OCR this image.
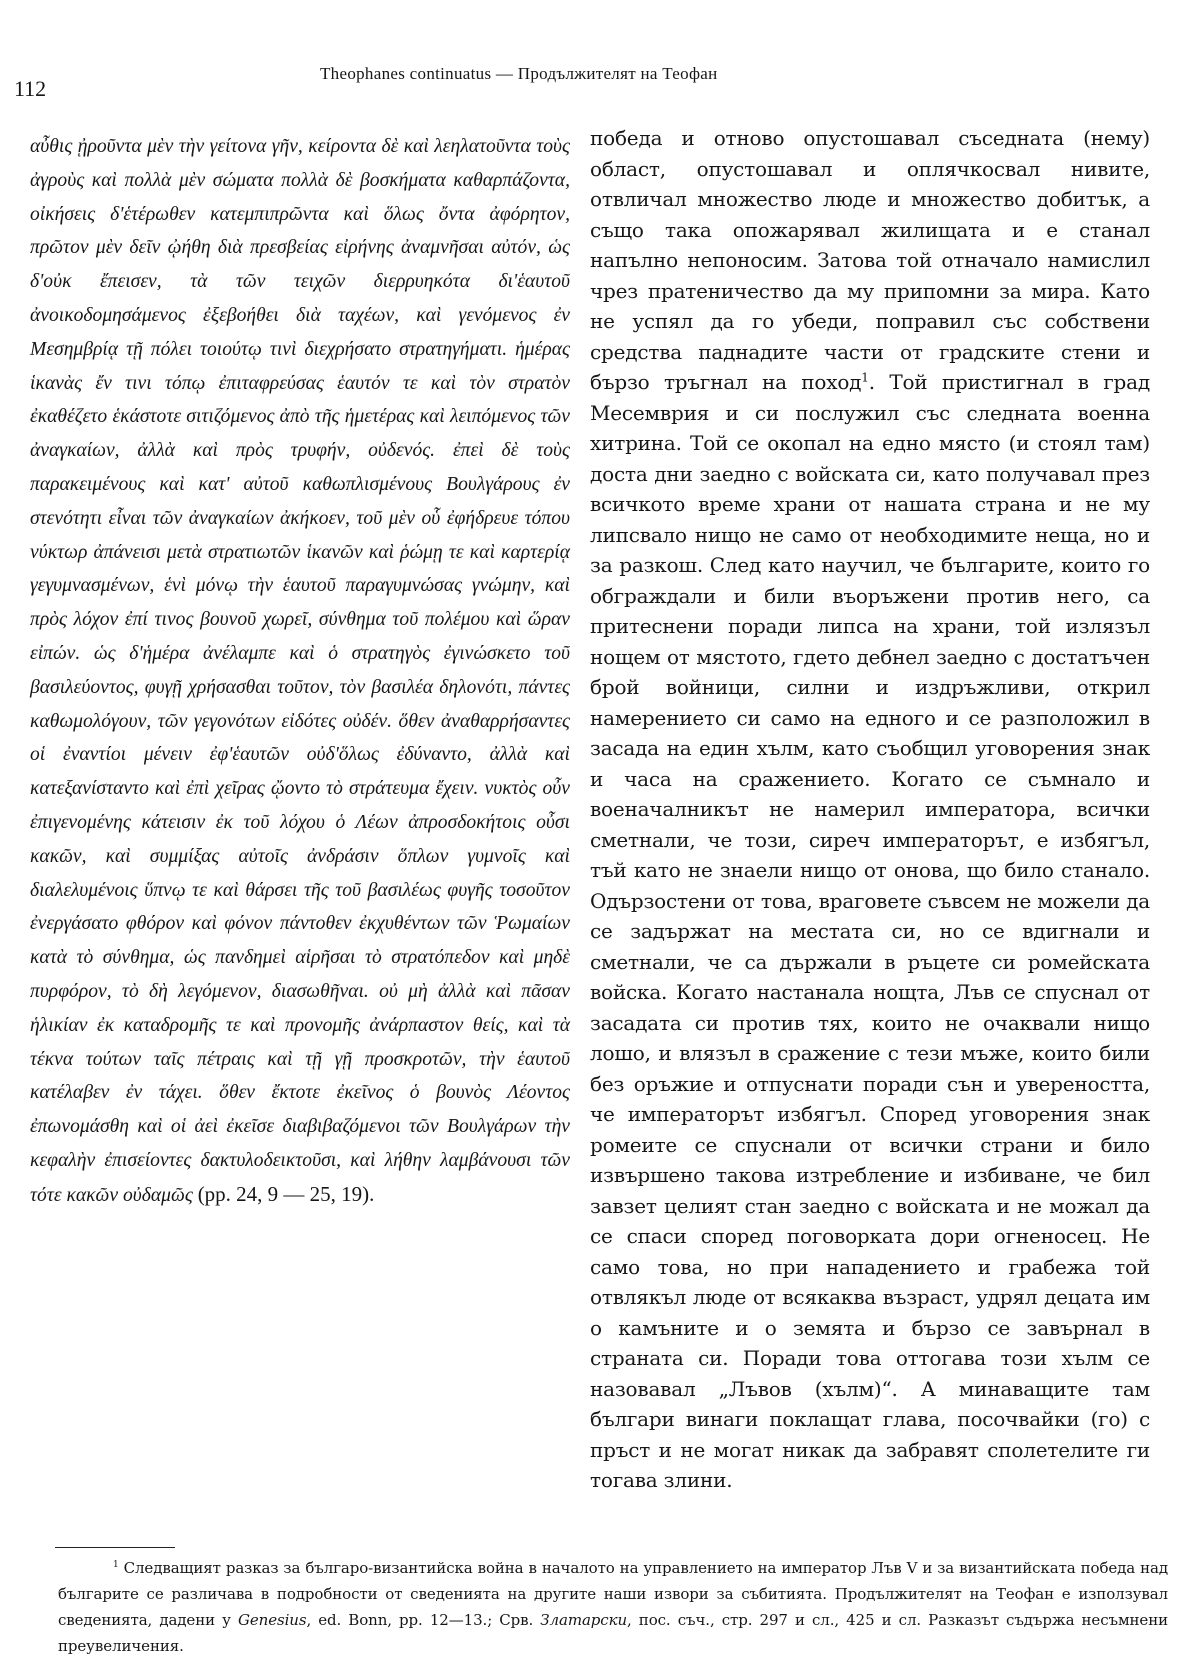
112
Theophanes continuatus — Продължителят на Теофан
αὖθις ᾐροῦντα μὲν τὴν γείτονα γῆν, κείροντα δὲ καὶ λεηλατοῦντα τοὺς ἀγροὺς καὶ πολλὰ μὲν σώματα πολλὰ δὲ βοσκήματα καθαρπάζοντα, οἰκήσεις δ'ἑτέρωθεν κατεμπιπρῶντα καὶ ὅλως ὄντα ἀφόρητον, πρῶτον μὲν δεῖν ᾠήθη διὰ πρεσβείας εἰρήνης ἀναμνῆσαι αὐτόν, ὡς δ'οὐκ ἔπεισεν, τὰ τῶν τειχῶν διερρυηκότα δι'ἑαυτοῦ ἀνοικοδομησάμενος ἐξεβοήθει διὰ ταχέων, καὶ γενόμενος ἐν Μεσημβρίᾳ τῇ πόλει τοιούτῳ τινὶ διεχρήσατο στρατηγήματι. ἡμέρας ἱκανὰς ἔν τινι τόπῳ ἐπιταφρεύσας ἑαυτόν τε καὶ τὸν στρατὸν ἐκαθέζετο ἑκάστοτε σιτιζόμενος ἀπὸ τῆς ἡμετέρας καὶ λειπόμενος τῶν ἀναγκαίων, ἀλλὰ καὶ πρὸς τρυφήν, οὐδενός. ἐπεὶ δὲ τοὺς παρακειμένους καὶ κατ' αὐτοῦ καθωπλισμένους Βουλγάρους ἐν στενότητι εἶναι τῶν ἀναγκαίων ἀκήκοεν, τοῦ μὲν οὗ ἐφήδρευε τόπου νύκτωρ ἀπάνεισι μετὰ στρατιωτῶν ἱκανῶν καὶ ῥώμῃ τε καὶ καρτερίᾳ γεγυμνασμένων, ἑνὶ μόνῳ τὴν ἑαυτοῦ παραγυμνώσας γνώμην, καὶ πρὸς λόχον ἐπί τινος βουνοῦ χωρεῖ, σύνθημα τοῦ πολέμου καὶ ὥραν εἰπών. ὡς δ'ἡμέρα ἀνέλαμπε καὶ ὁ στρατηγὸς ἐγινώσκετο τοῦ βασιλεύοντος, φυγῇ χρήσασθαι τοῦτον, τὸν βασιλέα δηλονότι, πάντες καθωμολόγουν, τῶν γεγονότων εἰδότες οὐδέν. ὅθεν ἀναθαρρήσαντες οἱ ἐναντίοι μένειν ἐφ'ἑαυτῶν οὐδ'ὅλως ἐδύναντο, ἀλλὰ καὶ κατεξανίσταντο καὶ ἐπὶ χεῖρας ᾤοντο τὸ στράτευμα ἔχειν. νυκτὸς οὖν ἐπιγενομένης κάτεισιν ἐκ τοῦ λόχου ὁ Λέων ἀπροσδοκήτοις οὖσι κακῶν, καὶ συμμίξας αὐτοῖς ἀνδράσιν ὅπλων γυμνοῖς καὶ διαλελυμένοις ὕπνῳ τε καὶ θάρσει τῆς τοῦ βασιλέως φυγῆς τοσοῦτον ἐνεργάσατο φθόρον καὶ φόνον πάντοθεν ἐκχυθέντων τῶν Ῥωμαίων κατὰ τὸ σύνθημα, ὡς πανδημεὶ αἱρῆσαι τὸ στρατόπεδον καὶ μηδὲ πυρφόρον, τὸ δὴ λεγόμενον, διασωθῆναι. οὐ μὴ ἀλλὰ καὶ πᾶσαν ἡλικίαν ἐκ καταδρομῆς τε καὶ προνομῆς ἀνάρπαστον θείς, καὶ τὰ τέκνα τούτων ταῖς πέτραις καὶ τῇ γῇ προσκροτῶν, τὴν ἑαυτοῦ κατέλαβεν ἐν τάχει. ὅθεν ἔκτοτε ἐκεῖνος ὁ βουνὸς Λέοντος ἐπωνομάσθη καὶ οἱ ἀεὶ ἐκεῖσε διαβιβαζόμενοι τῶν Βουλγάρων τὴν κεφαλὴν ἐπισείοντες δακτυλοδεικτοῦσι, καὶ λήθην λαμβάνουσι τῶν τότε κακῶν οὐδαμῶς (pp. 24, 9 — 25, 19).
победа и отново опустошавал съседната (нему) област, опустошавал и оплячкосвал нивите, отвличал множество люде и множество добитък, а също така опожарявал жилищата и е станал напълно непоносим. Затова той отначало намислил чрез пратеничество да му припомни за мира. Като не успял да го убеди, поправил със собствени средства паднадите части от градските стени и бързо тръгнал на поход$^1$. Той пристигнал в град Месемврия и си послужил със следната военна хитрина. Той се окопал на едно място (и стоял там) доста дни заедно с войската си, като получавал през всичкото време храни от нашата страна и не му липсвало нищо не само от необходимите неща, но и за разкош. След като научил, че българите, които го обграждали и били въоръжени против него, са притеснени поради липса на храни, той излязъл нощем от мястото, гдето дебнел заедно с достатъчен брой войници, силни и издръжливи, открил намерението си само на едного и се разположил в засада на един хълм, като съобщил уговорения знак и часа на сражението. Когато се съмнало и военачалникът не намерил императора, всички сметнали, че този, сиреч императорът, е избягъл, тъй като не знаели нищо от онова, що било станало. Одързостени от това, враговете съвсем не можели да се задържат на местата си, но се вдигнали и сметнали, че са държали в ръцете си ромейската войска. Когато настанала нощта, Лъв се спуснал от засадата си против тях, които не очаквали нищо лошо, и влязъл в сражение с тези мъже, които били без оръжие и отпуснати поради сън и увереността, че императорът избягъл. Според уговорения знак ромеите се спуснали от всички страни и било извършено такова изтребление и избиване, че бил завзет целият стан заедно с войската и не можал да се спаси според поговорката дори огненосец. Не само това, но при нападението и грабежа той отвлякъл люде от всякаква възраст, удрял децата им о камъните и о земята и бързо се завърнал в страната си. Поради това оттогава този хълм се назовавал „Лъвов (хълм)“. А минаващите там българи винаги поклащат глава, посочвайки (го) с пръст и не могат никак да забравят сполетелите ги тогава злини.
$^1$ Следващият разказ за българо-византийска война в началото на управлението на император Лъв V и за византийската победа над българите се различава в подробности от сведенията на другите наши извори за събитията. Продължителят на Теофан е използувал сведенията, дадени у Genesius, ed. Bonn, pp. 12—13.; Срв. Златарски, пос. съч., стр. 297 и сл., 425 и сл. Разказът съдържа несъмнени преувеличения.
